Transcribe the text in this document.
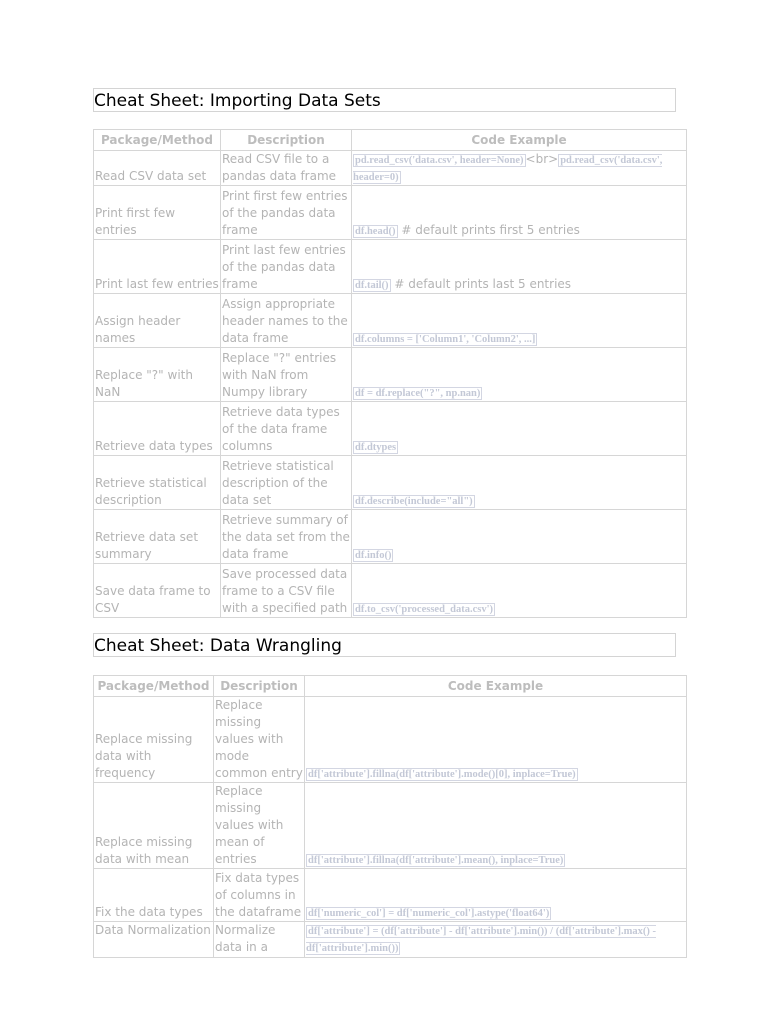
Cheat Sheet: Importing Data Sets
Package/Method	Description	Code Example
Read CSV data set	Read CSV file to a pandas data frame	pd.read_csv('data.csv', header=None) <br> pd.read_csv('data.csv', header=0)
Print first few entries	Print first few entries of the pandas data frame	df.head() # default prints first 5 entries
Print last few entries	Print last few entries of the pandas data frame	df.tail() # default prints last 5 entries
Assign header names	Assign appropriate header names to the data frame	df.columns = ['Column1', 'Column2', ...]
Replace "?" with NaN	Replace "?" entries with NaN from Numpy library	df = df.replace("?", np.nan)
Retrieve data types	Retrieve data types of the data frame columns	df.dtypes
Retrieve statistical description	Retrieve statistical description of the data set	df.describe(include="all")
Retrieve data set summary	Retrieve summary of the data set from the data frame	df.info()
Save data frame to CSV	Save processed data frame to a CSV file with a specified path	df.to_csv('processed_data.csv')
Cheat Sheet: Data Wrangling
Package/Method	Description	Code Example
Replace missing data with frequency	Replace missing values with mode common entry	df['attribute'].fillna(df['attribute'].mode()[0], inplace=True)
Replace missing data with mean	Replace missing values with mean of entries	df['attribute'].fillna(df['attribute'].mean(), inplace=True)
Fix the data types	Fix data types of columns in the dataframe	df['numeric_col'] = df['numeric_col'].astype('float64')
Data Normalization	Normalize data in a	df['attribute'] = (df['attribute'] - df['attribute'].min()) / (df['attribute'].max() - df['attribute'].min())
